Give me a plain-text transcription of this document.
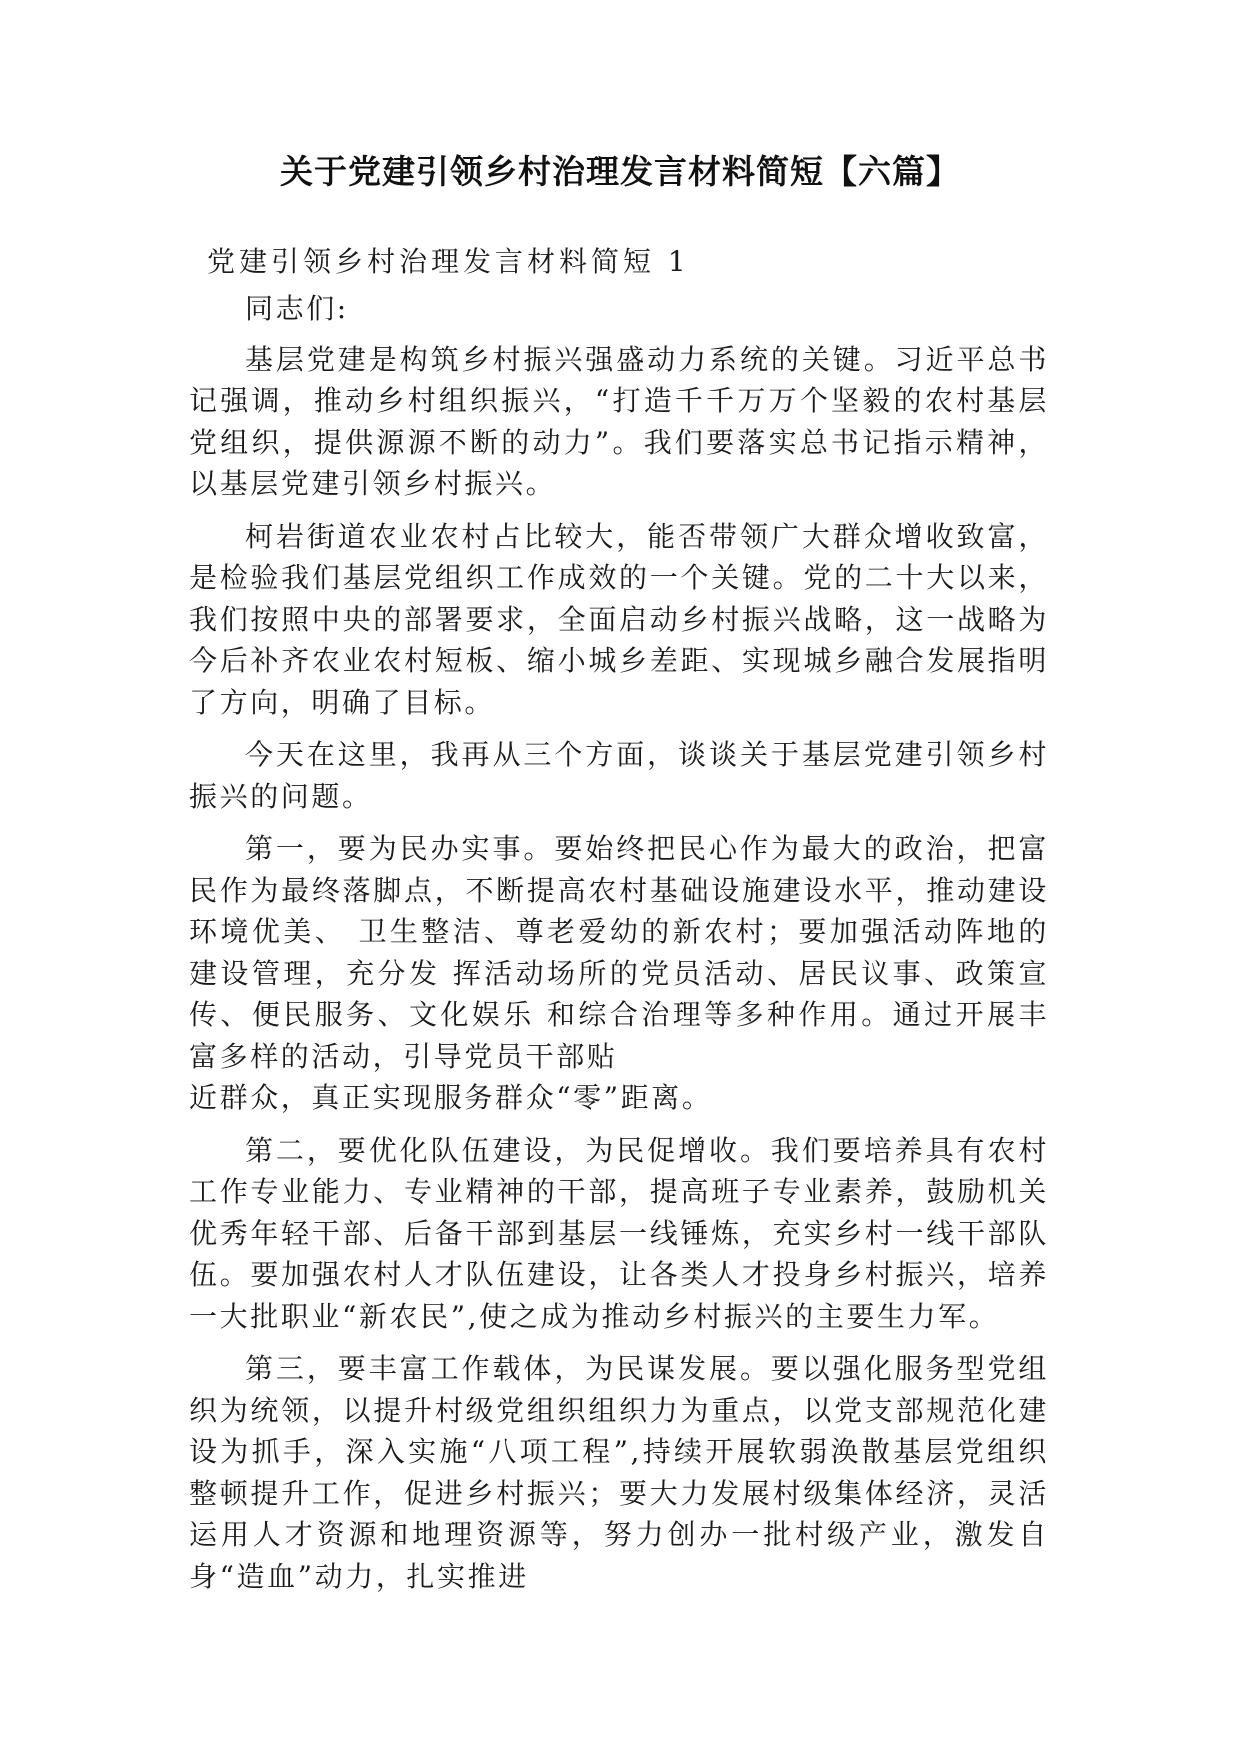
关于党建引领乡村治理发言材料简短【六篇】
党建引领乡村治理发言材料简短 1

同志们:

基层党建是构筑乡村振兴强盛动力系统的关键。习近平总书记强调，推动乡村组织振兴，“打造千千万万个坚毅的农村基层党组织，提供源源不断的动力”。我们要落实总书记指示精神，以基层党建引领乡村振兴。

柯岩街道农业农村占比较大，能否带领广大群众增收致富，是检验我们基层党组织工作成效的一个关键。党的二十大以来，我们按照中央的部署要求，全面启动乡村振兴战略，这一战略为今后补齐农业农村短板、缩小城乡差距、实现城乡融合发展指明了方向，明确了目标。

今天在这里，我再从三个方面，谈谈关于基层党建引领乡村振兴的问题。

第一，要为民办实事。要始终把民心作为最大的政治，把富民作为最终落脚点，不断提高农村基础设施建设水平，推动建设环境优美、 卫生整洁、尊老爱幼的新农村；要加强活动阵地的建设管理，充分发 挥活动场所的党员活动、居民议事、政策宣传、便民服务、文化娱乐 和综合治理等多种作用。通过开展丰富多样的活动，引导党员干部贴

近群众，真正实现服务群众“零”距离。

第二，要优化队伍建设，为民促增收。我们要培养具有农村工作专业能力、专业精神的干部，提高班子专业素养，鼓励机关优秀年轻干部、后备干部到基层一线锤炼，充实乡村一线干部队伍。要加强农村人才队伍建设，让各类人才投身乡村振兴，培养一大批职业“新农民”,使之成为推动乡村振兴的主要生力军。

第三，要丰富工作载体，为民谋发展。要以强化服务型党组织为统领，以提升村级党组织组织力为重点，以党支部规范化建设为抓手，深入实施“八项工程”,持续开展软弱涣散基层党组织整顿提升工作，促进乡村振兴；要大力发展村级集体经济，灵活运用人才资源和地理资源等，努力创办一批村级产业，激发自身“造血”动力，扎实推进
